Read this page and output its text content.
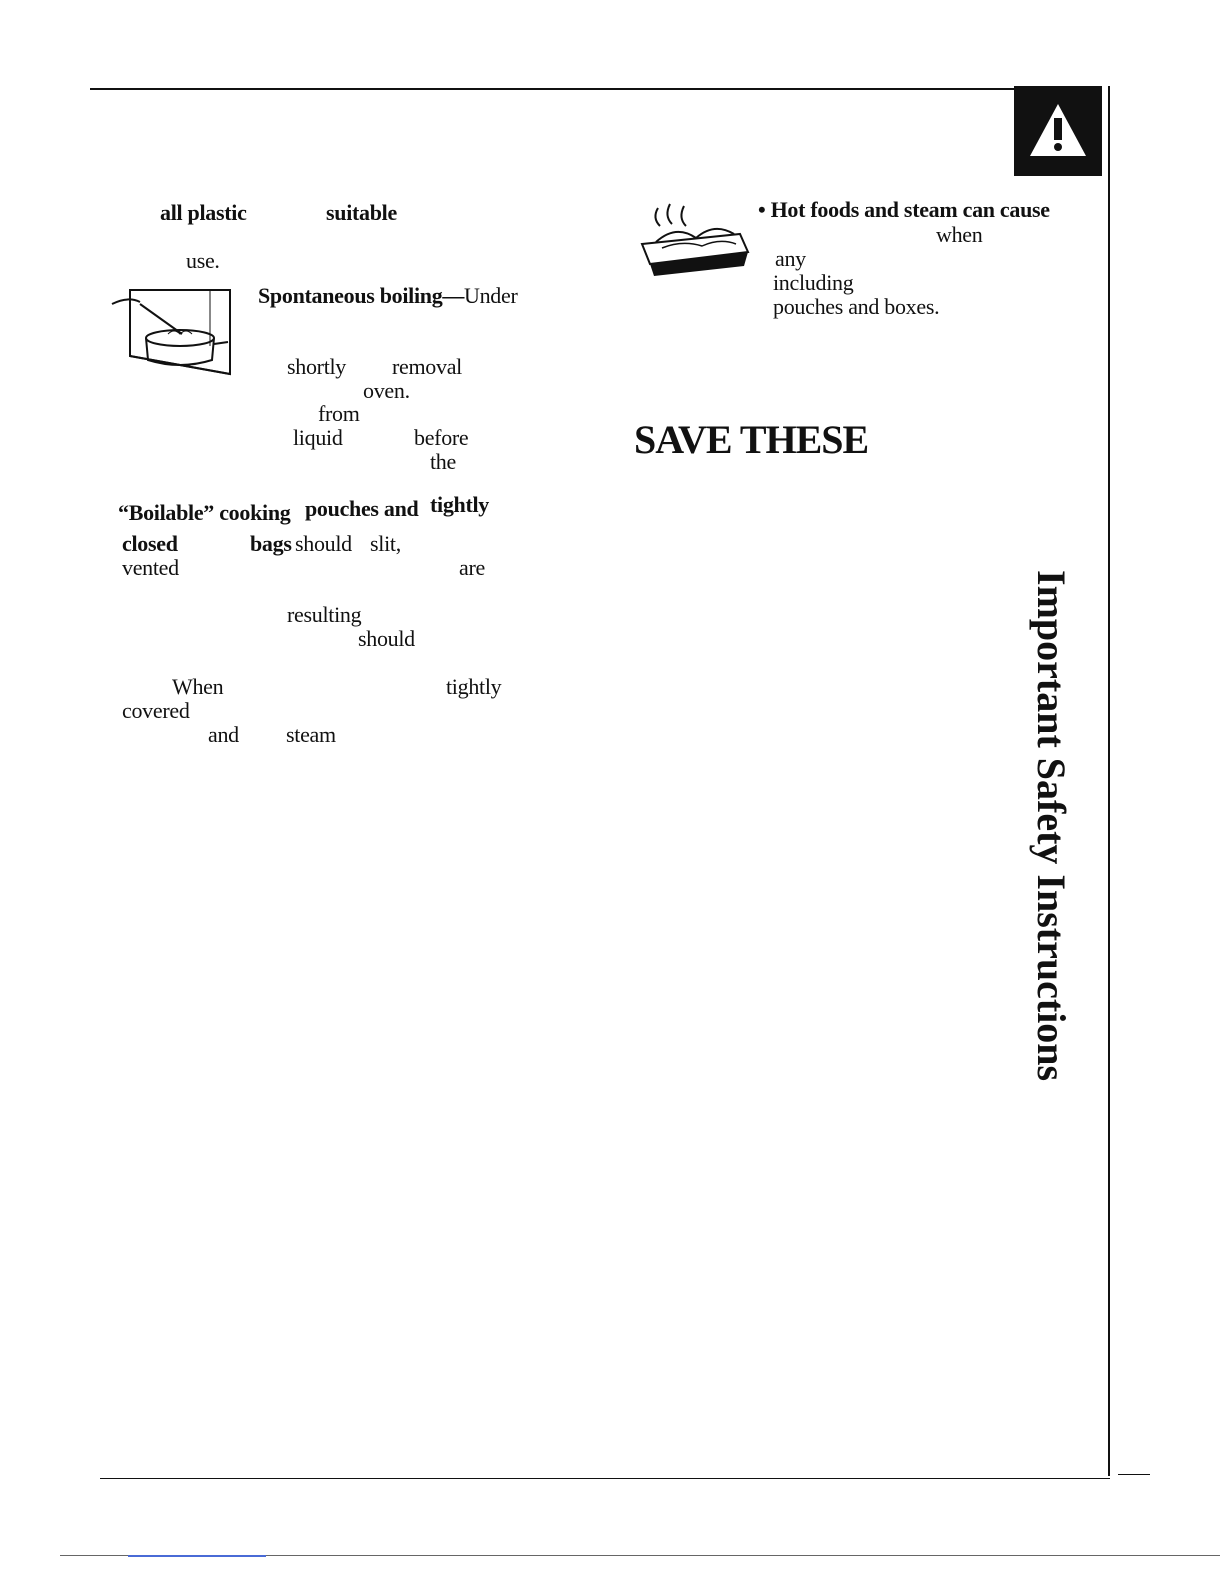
Important Safety Instructions
all plastic	suitable
use.
Spontaneous boiling— Under
shortly removal
oven.
from
liquid	before
the
“Boilable” cooking pouches and tightly
closed	bags should slit,
vented	are
resulting
should
When	tightly
covered
and steam
• Hot foods and steam can cause
when
any
including
pouches and boxes.
SAVE THESE
